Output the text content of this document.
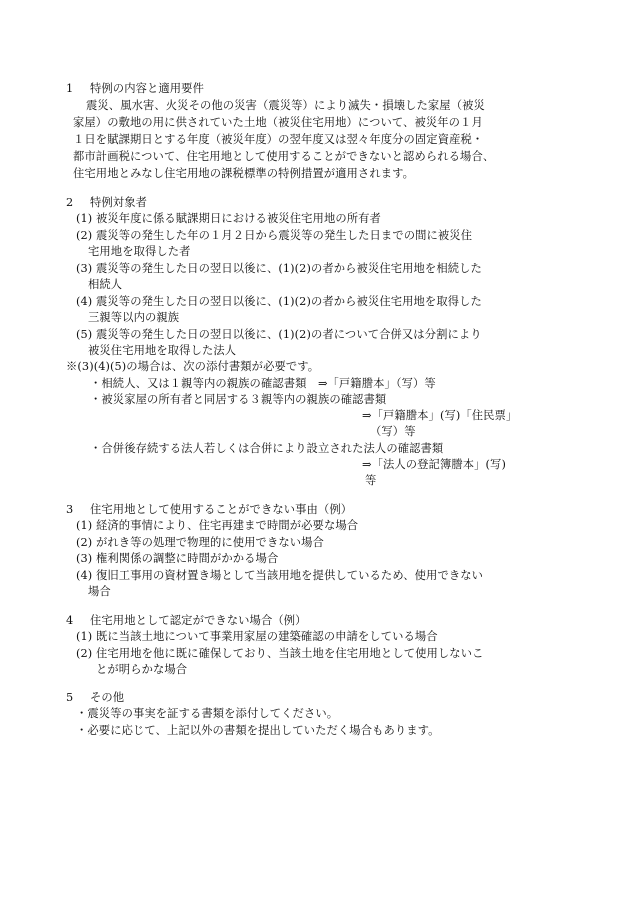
1 特例の内容と適用要件
震災、風水害、火災その他の災害（震災等）により滅失・損壊した家屋（被災
家屋）の敷地の用に供されていた土地（被災住宅用地）について、被災年の１月
１日を賦課期日とする年度（被災年度）の翌年度又は翌々年度分の固定資産税・
都市計画税について、住宅用地として使用することができないと認められる場合、
住宅用地とみなし住宅用地の課税標準の特例措置が適用されます。
2 特例対象者
(1) 被災年度に係る賦課期日における被災住宅用地の所有者
(2) 震災等の発生した年の１月２日から震災等の発生した日までの間に被災住
宅用地を取得した者
(3) 震災等の発生した日の翌日以後に、(1)(2)の者から被災住宅用地を相続した
相続人
(4) 震災等の発生した日の翌日以後に、(1)(2)の者から被災住宅用地を取得した
三親等以内の親族
(5) 震災等の発生した日の翌日以後に、(1)(2)の者について合併又は分割により
被災住宅用地を取得した法人
※(3)(4)(5)の場合は、次の添付書類が必要です。
・相続人、又は１親等内の親族の確認書類　⇒「戸籍謄本」（写）等
・被災家屋の所有者と同居する３親等内の親族の確認書類
⇒「戸籍謄本」(写)「住民票」
（写）等
・合併後存続する法人若しくは合併により設立された法人の確認書類
⇒「法人の登記簿謄本」(写)
等
3 住宅用地として使用することができない事由（例）
(1) 経済的事情により、住宅再建まで時間が必要な場合
(2) がれき等の処理で物理的に使用できない場合
(3) 権利関係の調整に時間がかかる場合
(4) 復旧工事用の資材置き場として当該用地を提供しているため、使用できない
場合
4 住宅用地として認定ができない場合（例）
(1) 既に当該土地について事業用家屋の建築確認の申請をしている場合
(2) 住宅用地を他に既に確保しており、当該土地を住宅用地として使用しないこ
とが明らかな場合
5 その他
・震災等の事実を証する書類を添付してください。
・必要に応じて、上記以外の書類を提出していただく場合もあります。
